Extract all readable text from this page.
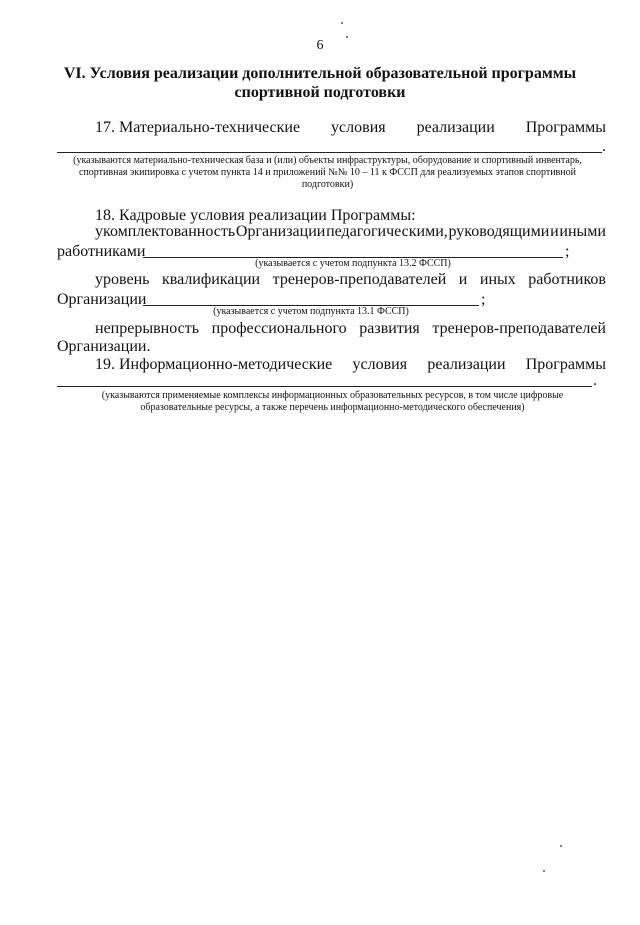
6
VI. Условия реализации дополнительной образовательной программы
спортивной подготовки
17. Материально-технические условия реализации Программы
.
(указываются материально-техническая база и (или) объекты инфраструктуры, оборудование и спортивный инвентарь, спортивная экипировка с учетом пункта 14 и приложений №№ 10 – 11 к ФССП для реализуемых этапов спортивной подготовки)
18. Кадровые условия реализации Программы:
укомплектованность Организации педагогическими, руководящими и иными
работниками	;
(указывается с учетом подпункта 13.2 ФССП)
уровень квалификации тренеров-преподавателей и иных работников
Организации	;
(указывается с учетом подпункта 13.1 ФССП)
непрерывность профессионального развития тренеров-преподавателей
Организации.
19. Информационно-методические условия реализации Программы
.
(указываются применяемые комплексы информационных образовательных ресурсов, в том числе цифровые образовательные ресурсы, а также перечень информационно-методического обеспечения)
